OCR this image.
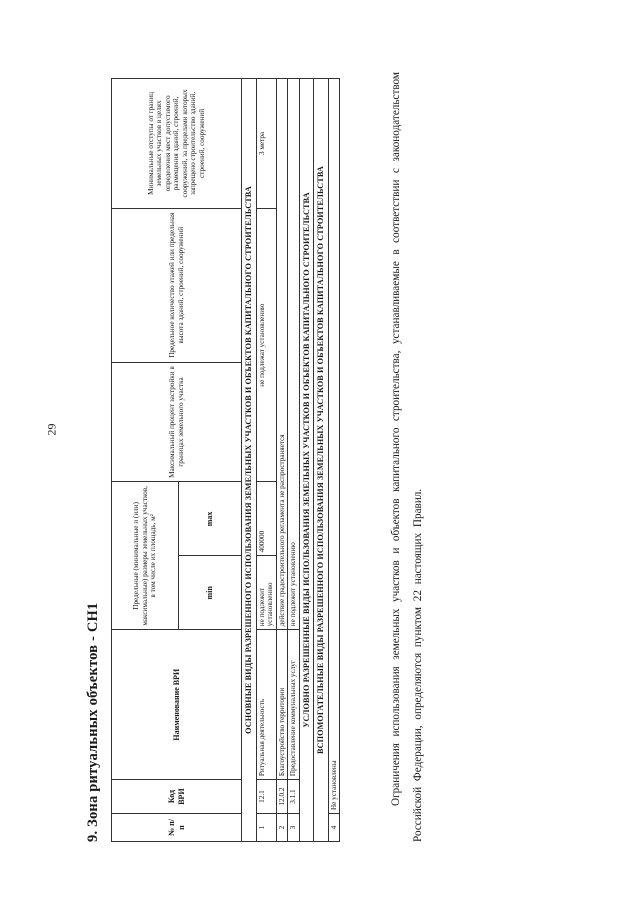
29
9. Зона ритуальных объектов - СН1	№ п/п	Код ВРИ	Наименование ВРИ	Предельные (минимальные и (или) максимальные) размеры земельных участков, в том числе их площадь, м²		Максимальный процент застройки в границах земельного участка	Предельное количество этажей или предельная высота зданий, строений, сооружений	Минимальные отступы от границ земельных участков в целях определения мест допустимого размещения зданий, строений, сооружений, за пределами которых запрещено строительство зданий, строений, сооружений
			min	max			
ОСНОВНЫЕ ВИДЫ РАЗРЕШЕННОГО ИСПОЛЬЗОВАНИЯ ЗЕМЕЛЬНЫХ УЧАСТКОВ И ОБЪЕКТОВ КАПИТАЛЬНОГО СТРОИТЕЛЬСТВА							
1	12.1	Ритуальная деятельность	не подлежит установлению	400000	не подлежат установлению		3 метра
2	12.0.2	Благоустройство территории	действие градостроительного регламента не распространяется				
3	3.1.1	Предоставление коммунальных услуг	не подлежит установлению				
УСЛОВНО РАЗРЕШЕННЫЕ ВИДЫ ИСПОЛЬЗОВАНИЯ ЗЕМЕЛЬНЫХ УЧАСТКОВ И ОБЪЕКТОВ КАПИТАЛЬНОГО СТРОИТЕЛЬСТВА							
ВСПОМОГАТЕЛЬНЫЕ ВИДЫ РАЗРЕШЕННОГО ИСПОЛЬЗОВАНИЯ ЗЕМЕЛЬНЫХ УЧАСТКОВ И ОБЪЕКТОВ КАПИТАЛЬНОГО СТРОИТЕЛЬСТВА							
4	Не установлены							Ограничения использования земельных участков и объектов капитального строительства, устанавливаемые в соответствии с законодательством Российской Федерации, определяются пунктом 22 настоящих Правил.
